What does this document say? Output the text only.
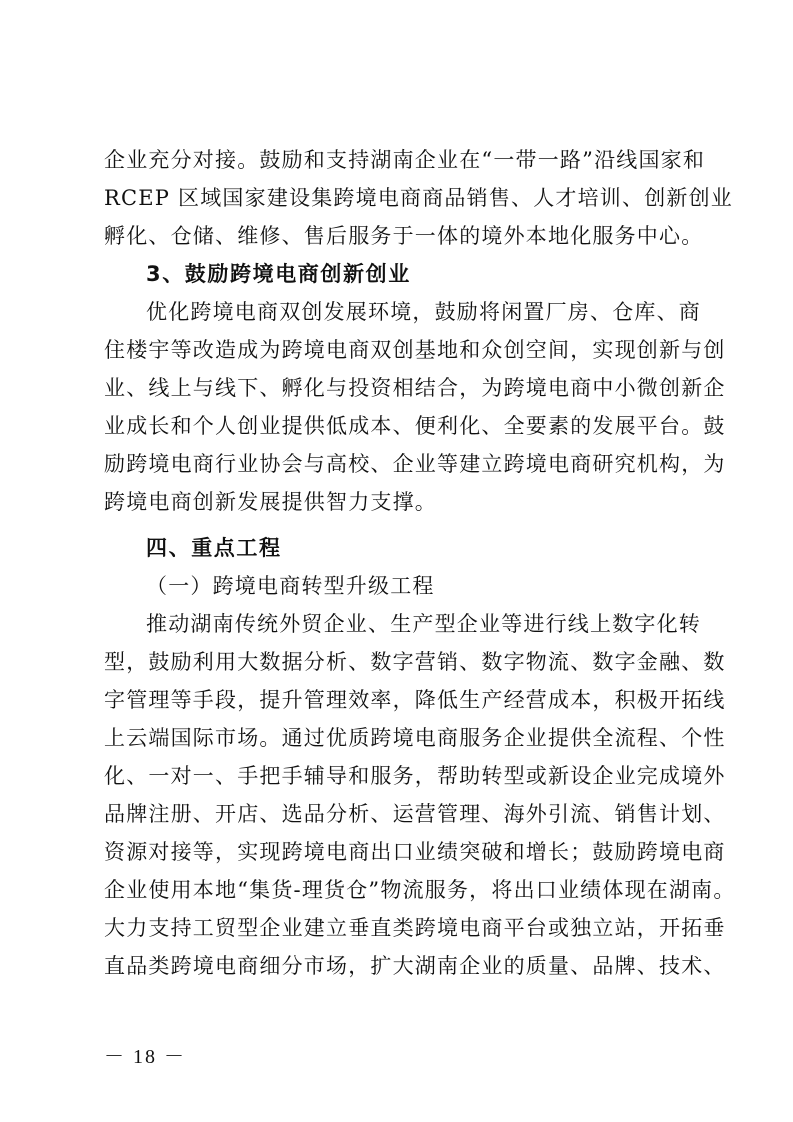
企业充分对接。鼓励和支持湖南企业在“一带一路”沿线国家和
RCEP 区域国家建设集跨境电商商品销售、人才培训、创新创业
孵化、仓储、维修、售后服务于一体的境外本地化服务中心。
3、鼓励跨境电商创新创业
优化跨境电商双创发展环境，鼓励将闲置厂房、仓库、商
住楼宇等改造成为跨境电商双创基地和众创空间，实现创新与创
业、线上与线下、孵化与投资相结合，为跨境电商中小微创新企
业成长和个人创业提供低成本、便利化、全要素的发展平台。鼓
励跨境电商行业协会与高校、企业等建立跨境电商研究机构，为
跨境电商创新发展提供智力支撑。
四、重点工程
（一）跨境电商转型升级工程
推动湖南传统外贸企业、生产型企业等进行线上数字化转
型，鼓励利用大数据分析、数字营销、数字物流、数字金融、数
字管理等手段，提升管理效率，降低生产经营成本，积极开拓线
上云端国际市场。通过优质跨境电商服务企业提供全流程、个性
化、一对一、手把手辅导和服务，帮助转型或新设企业完成境外
品牌注册、开店、选品分析、运营管理、海外引流、销售计划、
资源对接等，实现跨境电商出口业绩突破和增长；鼓励跨境电商
企业使用本地“集货-理货仓”物流服务，将出口业绩体现在湖南。
大力支持工贸型企业建立垂直类跨境电商平台或独立站，开拓垂
直品类跨境电商细分市场，扩大湖南企业的质量、品牌、技术、
－ 18 －
